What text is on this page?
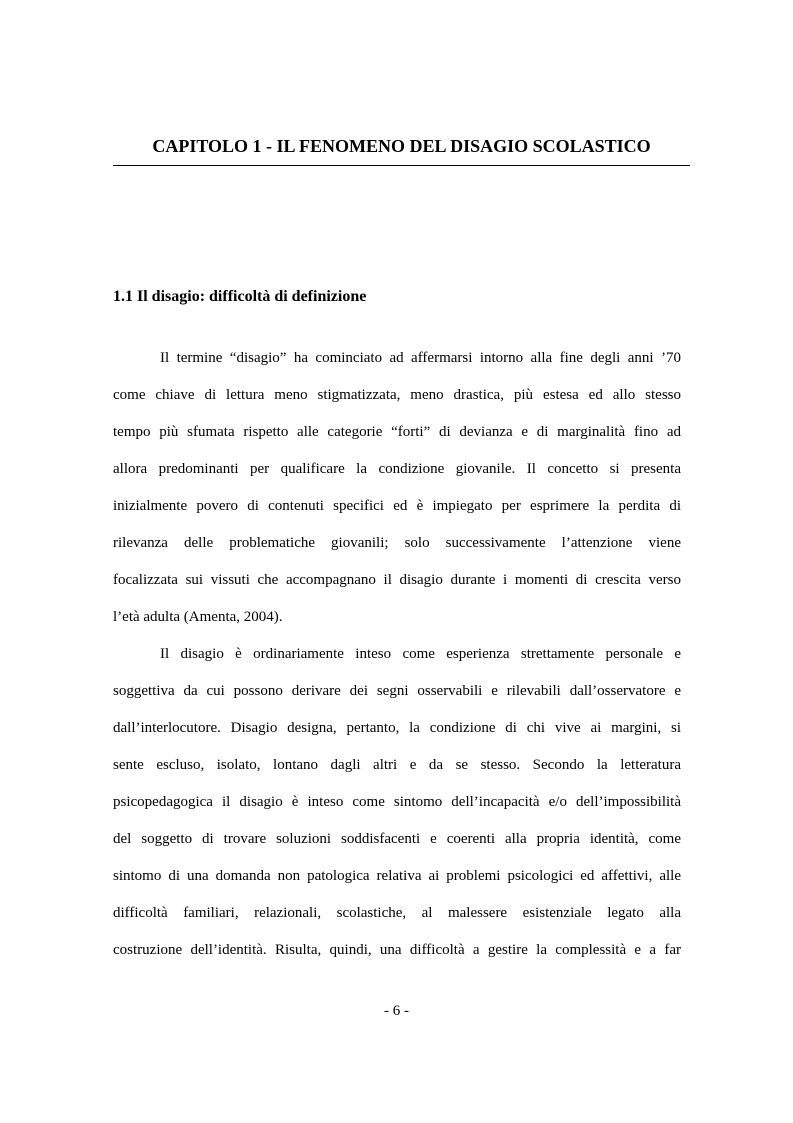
CAPITOLO 1 - IL FENOMENO DEL DISAGIO SCOLASTICO
1.1 Il disagio: difficoltà di definizione

Il termine “disagio” ha cominciato ad affermarsi intorno alla fine degli anni ’70
come chiave di lettura meno stigmatizzata, meno drastica, più estesa ed allo stesso
tempo più sfumata rispetto alle categorie “forti” di devianza e di marginalità fino ad
allora predominanti per qualificare la condizione giovanile. Il concetto si presenta
inizialmente povero di contenuti specifici ed è impiegato per esprimere la perdita di
rilevanza delle problematiche giovanili; solo successivamente l’attenzione viene
focalizzata sui vissuti che accompagnano il disagio durante i momenti di crescita verso
l’età adulta (Amenta, 2004).

Il disagio è ordinariamente inteso come esperienza strettamente personale e
soggettiva da cui possono derivare dei segni osservabili e rilevabili dall’osservatore e
dall’interlocutore. Disagio designa, pertanto, la condizione di chi vive ai margini, si
sente escluso, isolato, lontano dagli altri e da se stesso. Secondo la letteratura
psicopedagogica il disagio è inteso come sintomo dell’incapacità e/o dell’impossibilità
del soggetto di trovare soluzioni soddisfacenti e coerenti alla propria identità, come
sintomo di una domanda non patologica relativa ai problemi psicologici ed affettivi, alle
difficoltà familiari, relazionali, scolastiche, al malessere esistenziale legato alla
costruzione dell’identità. Risulta, quindi, una difficoltà a gestire la complessità e a far

- 6 -
